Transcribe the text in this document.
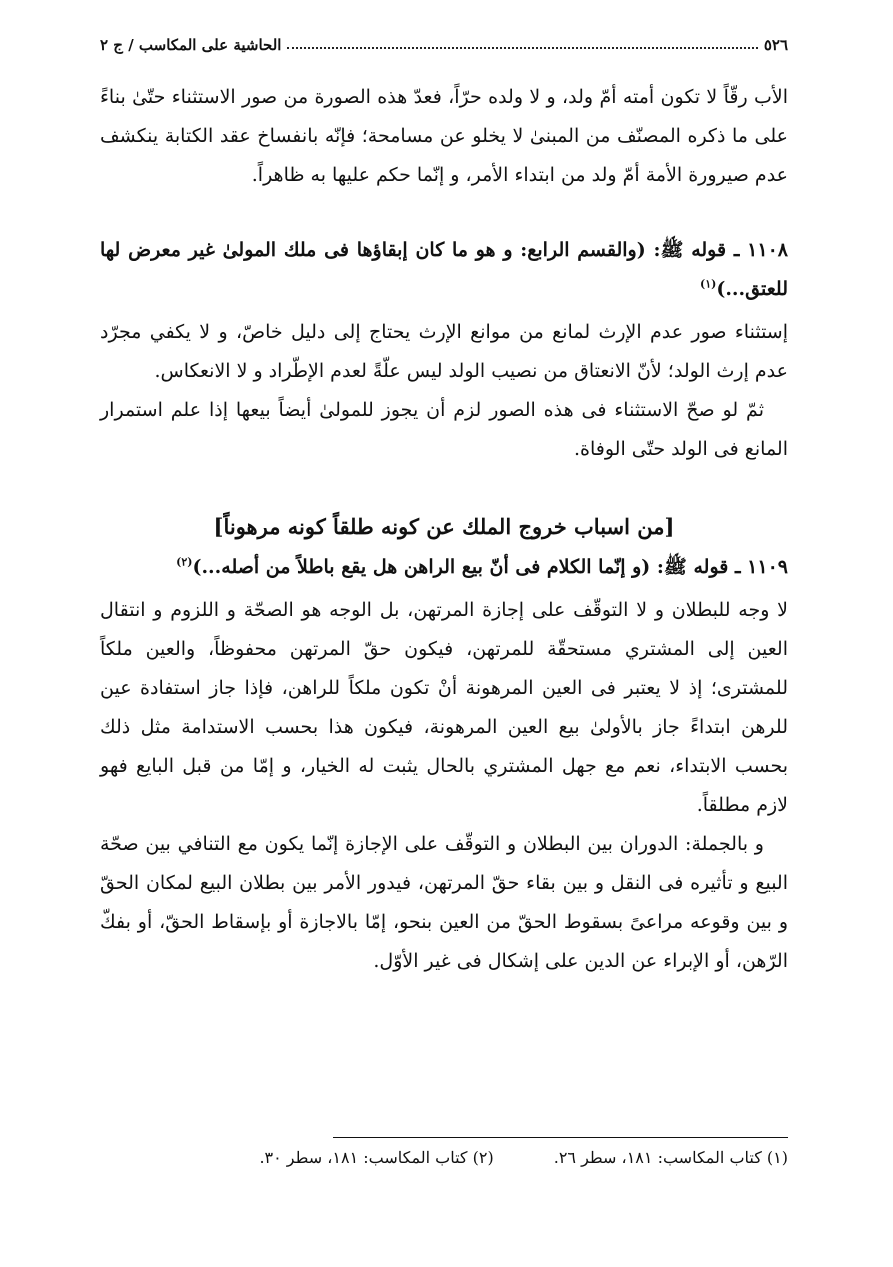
٥٢٦
الحاشية على المكاسب / ج ٢

الأب رقّاً لا تكون أمته أمّ ولد، و لا ولده حرّاً، فعدّ هذه الصورة من صور الاستثناء حتّىٰ بناءً على ما ذكره المصنّف من المبنىٰ لا يخلو عن مسامحة؛ فإنّه بانفساخ عقد الكتابة ينكشف عدم صيرورة الأمة أمّ ولد من ابتداء الأمر، و إنّما حكم عليها به ظاهراً.

١١٠٨ ـ قوله ﷺ: (والقسم الرابع: و هو ما كان إبقاؤها فى ملك المولىٰ غير معرض لها للعتق...)$^{(١)}$

إستثناء صور عدم الإرث لمانع من موانع الإرث يحتاج إلى دليل خاصّ، و لا يكفي مجرّد عدم إرث الولد؛ لأنّ الانعتاق من نصيب الولد ليس علّةً لعدم الإطّراد و لا الانعكاس.

ثمّ لو صحّ الاستثناء فى هذه الصور لزم أن يجوز للمولىٰ أيضاً بيعها إذا علم استمرار المانع فى الولد حتّى الوفاة.

[من اسباب خروج الملك عن كونه طلقاً كونه مرهوناً]

١١٠٩ ـ قوله ﷺ: (و إنّما الكلام فى أنّ بيع الراهن هل يقع باطلاً من أصله...)$^{(٢)}$

لا وجه للبطلان و لا التوقّف على إجازة المرتهن، بل الوجه هو الصحّة و اللزوم و انتقال العين إلى المشتري مستحقّة للمرتهن، فيكون حقّ المرتهن محفوظاً، والعين ملكاً للمشترى؛ إذ لا يعتبر فى العين المرهونة أنْ تكون ملكاً للراهن، فإذا جاز استفادة عين للرهن ابتداءً جاز بالأولىٰ بيع العين المرهونة، فيكون هذا بحسب الاستدامة مثل ذلك بحسب الابتداء، نعم مع جهل المشتري بالحال يثبت له الخيار، و إمّا من قبل البايع فهو لازم مطلقاً.

و بالجملة: الدوران بين البطلان و التوقّف على الإجازة إنّما يكون مع التنافي بين صحّة البيع و تأثيره فى النقل و بين بقاء حقّ المرتهن، فيدور الأمر بين بطلان البيع لمكان الحقّ و بين وقوعه مراعىً بسقوط الحقّ من العين بنحو، إمّا بالاجازة أو بإسقاط الحقّ، أو بفكّ الرّهن، أو الإبراء عن الدين على إشكال فى غير الأوّل.

(١) كتاب المكاسب: ١٨١، سطر ٢٦.
(٢) كتاب المكاسب: ١٨١، سطر ٣٠.
